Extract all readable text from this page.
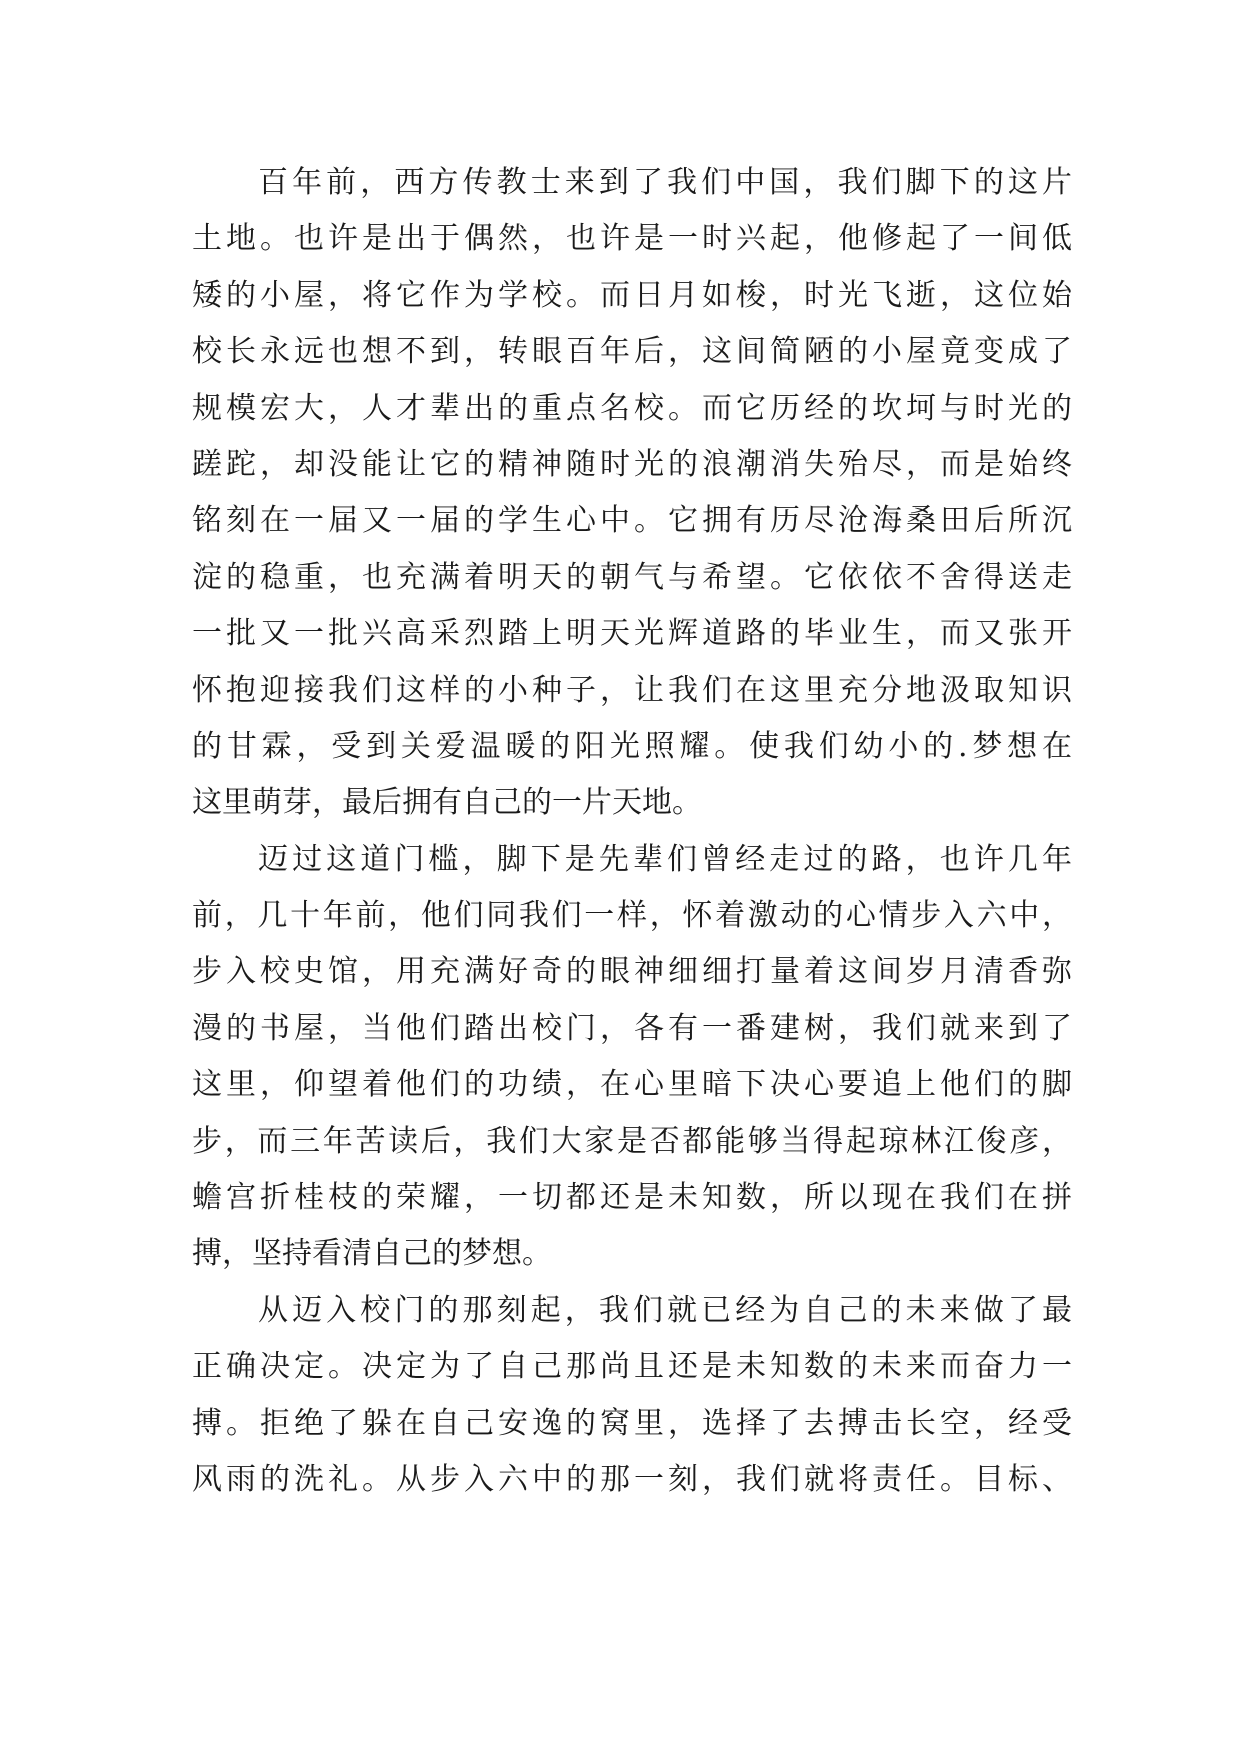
百年前，西方传教士来到了我们中国，我们脚下的这片
土地。也许是出于偶然，也许是一时兴起，他修起了一间低
矮的小屋，将它作为学校。而日月如梭，时光飞逝，这位始
校长永远也想不到，转眼百年后，这间简陋的小屋竟变成了
规模宏大，人才辈出的重点名校。而它历经的坎坷与时光的
蹉跎，却没能让它的精神随时光的浪潮消失殆尽，而是始终
铭刻在一届又一届的学生心中。它拥有历尽沧海桑田后所沉
淀的稳重，也充满着明天的朝气与希望。它依依不舍得送走
一批又一批兴高采烈踏上明天光辉道路的毕业生，而又张开
怀抱迎接我们这样的小种子，让我们在这里充分地汲取知识
的甘霖，受到关爱温暖的阳光照耀。使我们幼小的.梦想在
这里萌芽，最后拥有自己的一片天地。
迈过这道门槛，脚下是先辈们曾经走过的路，也许几年
前，几十年前，他们同我们一样，怀着激动的心情步入六中，
步入校史馆，用充满好奇的眼神细细打量着这间岁月清香弥
漫的书屋，当他们踏出校门，各有一番建树，我们就来到了
这里，仰望着他们的功绩，在心里暗下决心要追上他们的脚
步，而三年苦读后，我们大家是否都能够当得起琼林江俊彦，
蟾宫折桂枝的荣耀，一切都还是未知数，所以现在我们在拼
搏，坚持看清自己的梦想。
从迈入校门的那刻起，我们就已经为自己的未来做了最
正确决定。决定为了自己那尚且还是未知数的未来而奋力一
搏。拒绝了躲在自己安逸的窝里，选择了去搏击长空，经受
风雨的洗礼。从步入六中的那一刻，我们就将责任。目标、
